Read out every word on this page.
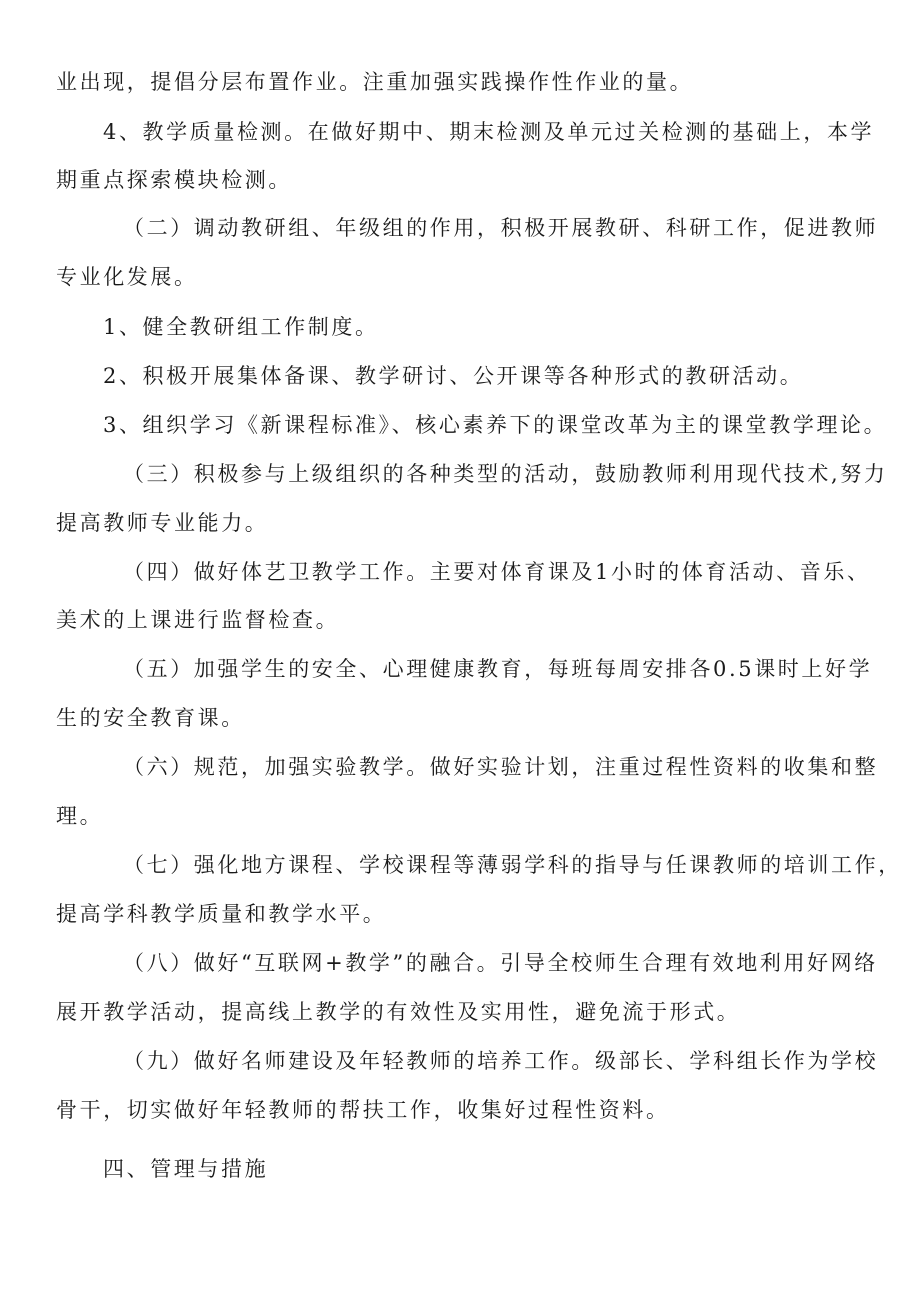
业出现，提倡分层布置作业。注重加强实践操作性作业的量。
4、教学质量检测。在做好期中、期末检测及单元过关检测的基础上，本学
期重点探索模块检测。
（二）调动教研组、年级组的作用，积极开展教研、科研工作，促进教师
专业化发展。
1、健全教研组工作制度。
2、积极开展集体备课、教学研讨、公开课等各种形式的教研活动。
3、组织学习《新课程标准》、核心素养下的课堂改革为主的课堂教学理论。
（三）积极参与上级组织的各种类型的活动，鼓励教师利用现代技术,努力
提高教师专业能力。
（四）做好体艺卫教学工作。主要对体育课及1小时的体育活动、音乐、
美术的上课进行监督检查。
（五）加强学生的安全、心理健康教育，每班每周安排各0.5课时上好学
生的安全教育课。
（六）规范，加强实验教学。做好实验计划，注重过程性资料的收集和整
理。
（七）强化地方课程、学校课程等薄弱学科的指导与任课教师的培训工作，
提高学科教学质量和教学水平。
（八）做好“互联网+教学”的融合。引导全校师生合理有效地利用好网络
展开教学活动，提高线上教学的有效性及实用性，避免流于形式。
（九）做好名师建设及年轻教师的培养工作。级部长、学科组长作为学校
骨干，切实做好年轻教师的帮扶工作，收集好过程性资料。
四、管理与措施
